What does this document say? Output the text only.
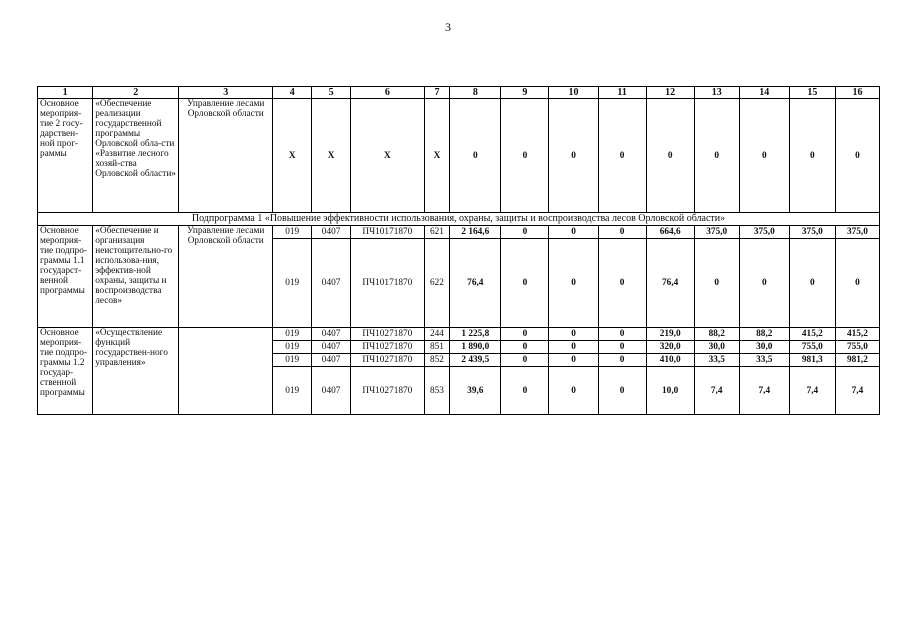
3
1	2	3	4	5	6	7	8	9	10	11	12	13	14	15	16
Основное мероприя-тие 2 госу-дарствен-ной прог-раммы	«Обеспечение реализации государственной программы Орловской обла-сти «Развитие лесного хозяй-ства Орловской области»	Управление лесами Орловской области	Х	Х	Х	Х	0	0	0	0	0	0	0	0	0
Подпрограмма 1 «Повышение эффективности использования, охраны, защиты и воспроизводства лесов Орловской области»															
Основное мероприя-тие подпро-граммы 1.1 государст-венной программы	«Обеспечение и организация неистощительно-го использова-ния, эффектив-ной охраны, защиты и воспроизводства лесов»	Управление лесами Орловской области	019	0407	ПЧ10171870	621	2 164,6	0	0	0	664,6	375,0	375,0	375,0	375,0
			019	0407	ПЧ10171870	622	76,4	0	0	0	76,4	0	0	0	0
Основное мероприя-тие подпро-граммы 1.2 государ-ственной программы	«Осуществление функций государствен-ного управления»		019	0407	ПЧ10271870	244	1 225,8	0	0	0	219,0	88,2	88,2	415,2	415,2
			019	0407	ПЧ10271870	851	1 890,0	0	0	0	320,0	30,0	30,0	755,0	755,0
			019	0407	ПЧ10271870	852	2 439,5	0	0	0	410,0	33,5	33,5	981,3	981,2
			019	0407	ПЧ10271870	853	39,6	0	0	0	10,0	7,4	7,4	7,4	7,4
